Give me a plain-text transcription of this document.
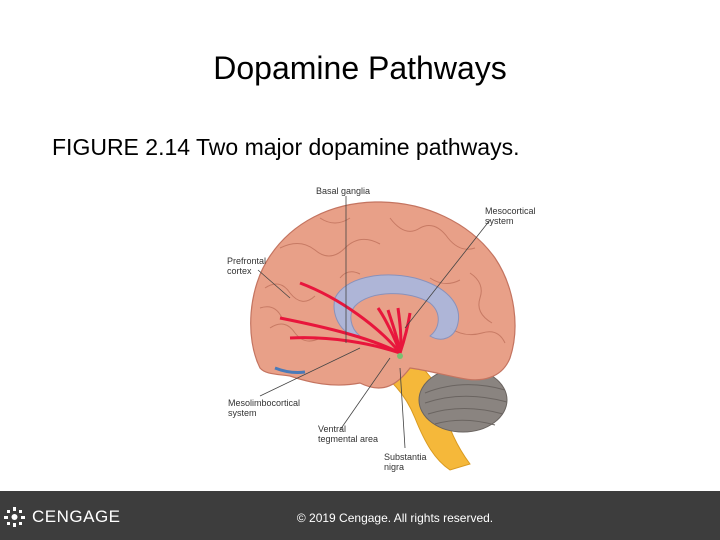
Dopamine Pathways
FIGURE 2.14 Two major dopamine pathways.
Basal ganglia
Mesocortical
system
Prefrontal
cortex
Mesolimbocortical
system
Ventral
tegmental area
Substantia
nigra
CENGAGE	© 2019 Cengage. All rights reserved.
